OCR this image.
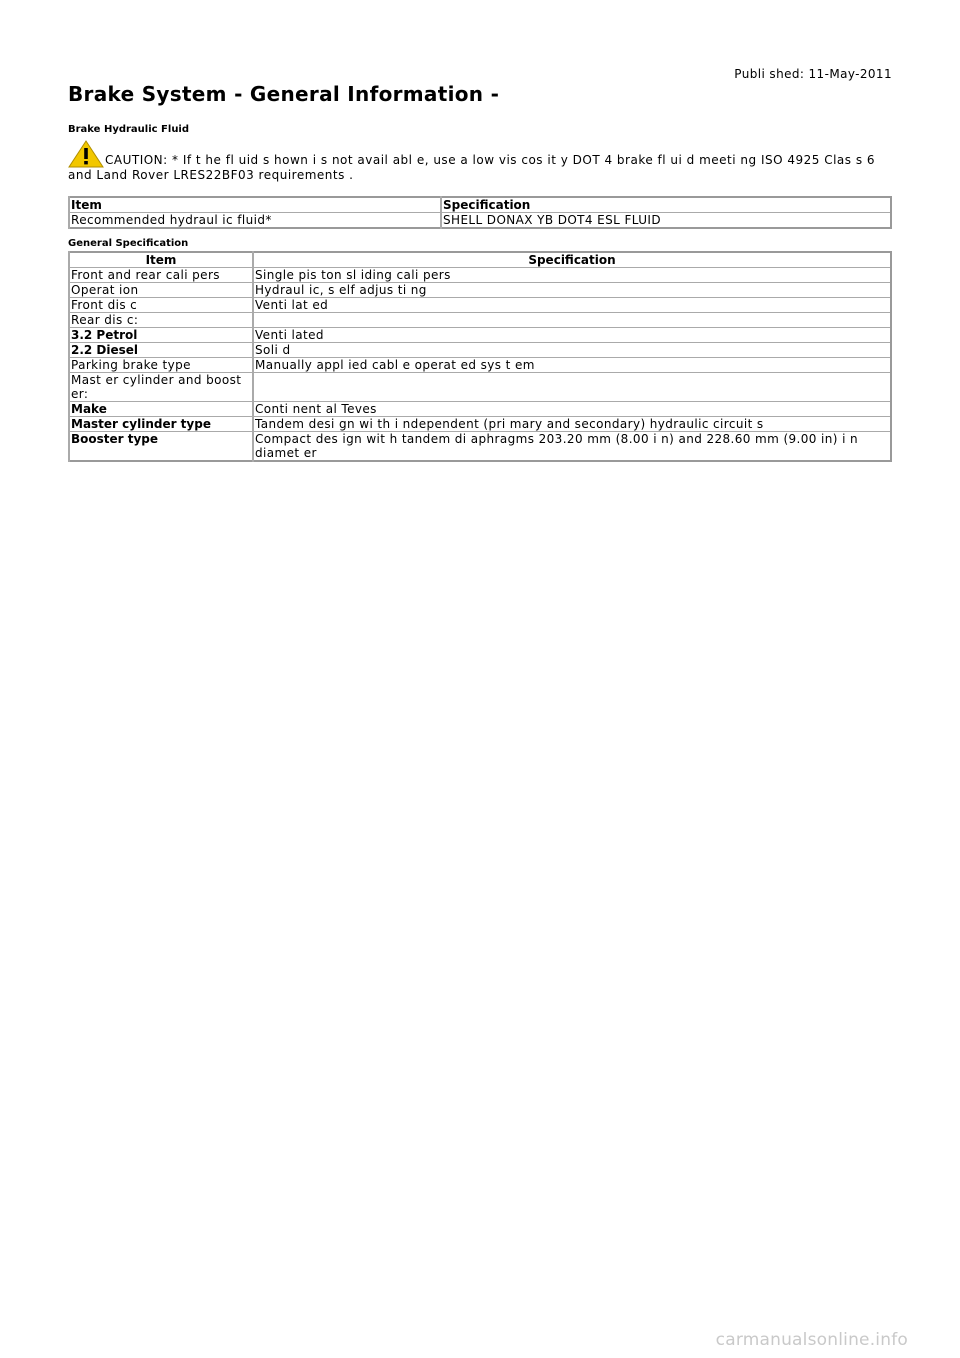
Publi shed: 11-May-2011
Brake System - General Information -
Brake Hydraulic Fluid
CAUTION: * If t he fl uid s hown i s not avail abl e, use a low vis cos it y DOT 4 brake fl ui d meeti ng ISO 4925 Clas s 6 and Land Rover LRES22BF03 requirements .
Item	Specification
Recommended hydraul ic fluid*	SHELL DONAX YB DOT4 ESL FLUID
General Specification
Item	Specification
Front and rear cali pers	Single pis ton sl iding cali pers
Operat ion	Hydraul ic, s elf adjus ti ng
Front dis c	Venti lat ed
Rear dis c:	
3.2 Petrol	Venti lated
2.2 Diesel	Soli d
Parking brake type	Manually appl ied cabl e operat ed sys t em
Mast er cylinder and boost er:	
Make	Conti nent al Teves
Master cylinder type	Tandem desi gn wi th i ndependent (pri mary and secondary) hydraulic circuit s
Booster type	Compact des ign wit h tandem di aphragms 203.20 mm (8.00 i n) and 228.60 mm (9.00 in) i n diamet er
carmanualsonline.info
